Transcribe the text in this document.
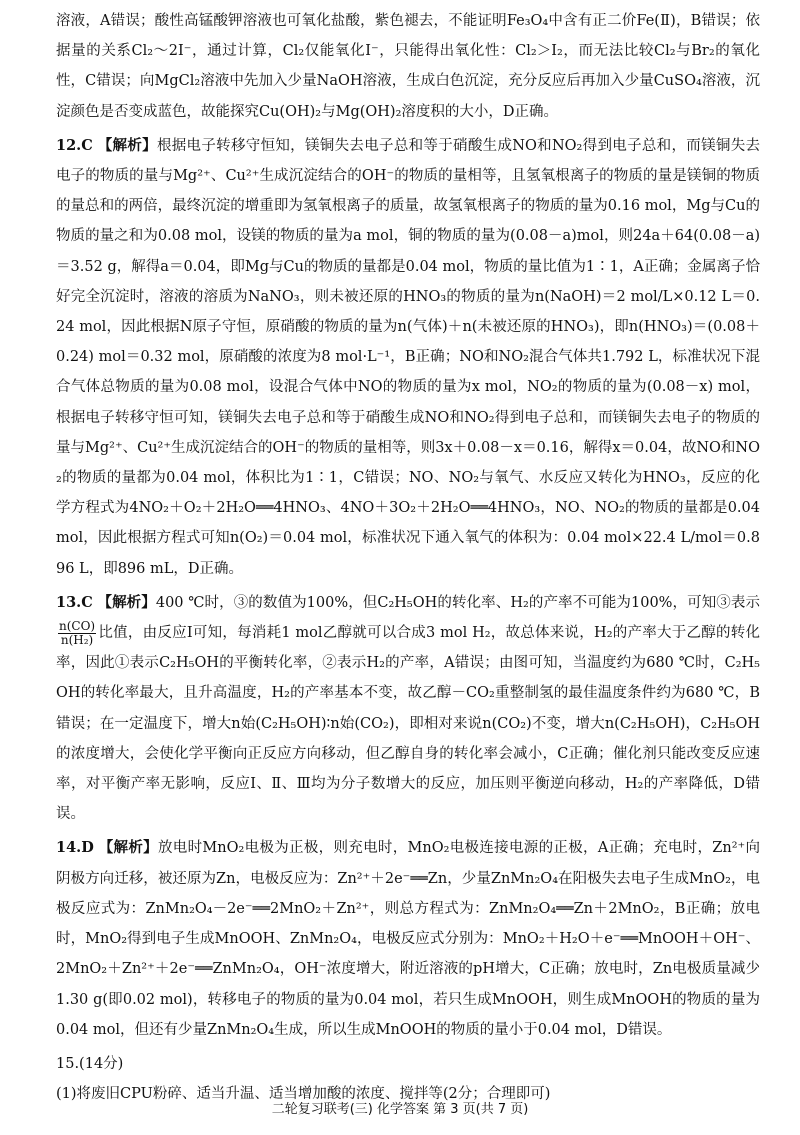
溶液，A错误；酸性高锰酸钾溶液也可氧化盐酸，紫色褪去，不能证明Fe₃O₄中含有正二价Fe(Ⅱ)，B错误；依据量的关系Cl₂～2I⁻，通过计算，Cl₂仅能氧化I⁻，只能得出氧化性：Cl₂＞I₂，而无法比较Cl₂与Br₂的氧化性，C错误；向MgCl₂溶液中先加入少量NaOH溶液，生成白色沉淀，充分反应后再加入少量CuSO₄溶液，沉淀颜色是否变成蓝色，故能探究Cu(OH)₂与Mg(OH)₂溶度积的大小，D正确。

12.C 【解析】根据电子转移守恒知，镁铜失去电子总和等于硝酸生成NO和NO₂得到电子总和，而镁铜失去电子的物质的量与Mg²⁺、Cu²⁺生成沉淀结合的OH⁻的物质的量相等，且氢氧根离子的物质的量是镁铜的物质的量总和的两倍，最终沉淀的增重即为氢氧根离子的质量，故氢氧根离子的物质的量为0.16 mol，Mg与Cu的物质的量之和为0.08 mol，设镁的物质的量为a mol，铜的物质的量为(0.08－a)mol，则24a＋64(0.08－a)＝3.52 g，解得a＝0.04，即Mg与Cu的物质的量都是0.04 mol，物质的量比值为1∶1，A正确；金属离子恰好完全沉淀时，溶液的溶质为NaNO₃，则未被还原的HNO₃的物质的量为n(NaOH)＝2 mol/L×0.12 L＝0.24 mol，因此根据N原子守恒，原硝酸的物质的量为n(气体)＋n(未被还原的HNO₃)，即n(HNO₃)＝(0.08＋0.24) mol＝0.32 mol，原硝酸的浓度为8 mol·L⁻¹，B正确；NO和NO₂混合气体共1.792 L，标准状况下混合气体总物质的量为0.08 mol，设混合气体中NO的物质的量为x mol，NO₂的物质的量为(0.08－x) mol，根据电子转移守恒可知，镁铜失去电子总和等于硝酸生成NO和NO₂得到电子总和，而镁铜失去电子的物质的量与Mg²⁺、Cu²⁺生成沉淀结合的OH⁻的物质的量相等，则3x＋0.08－x＝0.16，解得x＝0.04，故NO和NO₂的物质的量都为0.04 mol，体积比为1∶1，C错误；NO、NO₂与氧气、水反应又转化为HNO₃，反应的化学方程式为4NO₂＋O₂＋2H₂O══4HNO₃、4NO＋3O₂＋2H₂O══4HNO₃，NO、NO₂的物质的量都是0.04 mol，因此根据方程式可知n(O₂)＝0.04 mol，标准状况下通入氧气的体积为：0.04 mol×22.4 L/mol＝0.896 L，即896 mL，D正确。

13.C 【解析】400 ℃时，③的数值为100%，但C₂H₅OH的转化率、H₂的产率不可能为100%，可知③表示
$\frac{n(CO)}{\text{n(H₂)}}$ 比值，由反应Ⅰ可知，每消耗1 mol乙醇就可以合成3 mol H₂，故总体来说，H₂的产率大于乙醇的转化率，因此①表示C₂H₅OH的平衡转化率，②表示H₂的产率，A错误；由图可知，当温度约为680 ℃时，C₂H₅OH的转化率最大，且升高温度，H₂的产率基本不变，故乙醇－CO₂重整制氢的最佳温度条件约为680 ℃，B错误；在一定温度下，增大n始(C₂H₅OH)∶n始(CO₂)，即相对来说n(CO₂)不变，增大n(C₂H₅OH)，C₂H₅OH的浓度增大，会使化学平衡向正反应方向移动，但乙醇自身的转化率会减小，C正确；催化剂只能改变反应速率，对平衡产率无影响，反应Ⅰ、Ⅱ、Ⅲ均为分子数增大的反应，加压则平衡逆向移动，H₂的产率降低，D错误。

14.D 【解析】放电时MnO₂电极为正极，则充电时，MnO₂电极连接电源的正极，A正确；充电时，Zn²⁺向阴极方向迁移，被还原为Zn，电极反应为：Zn²⁺＋2e⁻══Zn，少量ZnMn₂O₄在阳极失去电子生成MnO₂，电极反应式为：ZnMn₂O₄－2e⁻══2MnO₂＋Zn²⁺，则总方程式为：ZnMn₂O₄══Zn＋2MnO₂，B正确；放电时，MnO₂得到电子生成MnOOH、ZnMn₂O₄，电极反应式分别为：MnO₂＋H₂O＋e⁻══MnOOH＋OH⁻、2MnO₂＋Zn²⁺＋2e⁻══ZnMn₂O₄，OH⁻浓度增大，附近溶液的pH增大，C正确；放电时，Zn电极质量减少1.30 g(即0.02 mol)，转移电子的物质的量为0.04 mol，若只生成MnOOH，则生成MnOOH的物质的量为0.04 mol，但还有少量ZnMn₂O₄生成，所以生成MnOOH的物质的量小于0.04 mol，D错误。

15.(14分)

(1)将废旧CPU粉碎、适当升温、适当增加酸的浓度、搅拌等(2分；合理即可)

二轮复习联考(三) 化学答案 第 3 页(共 7 页)
